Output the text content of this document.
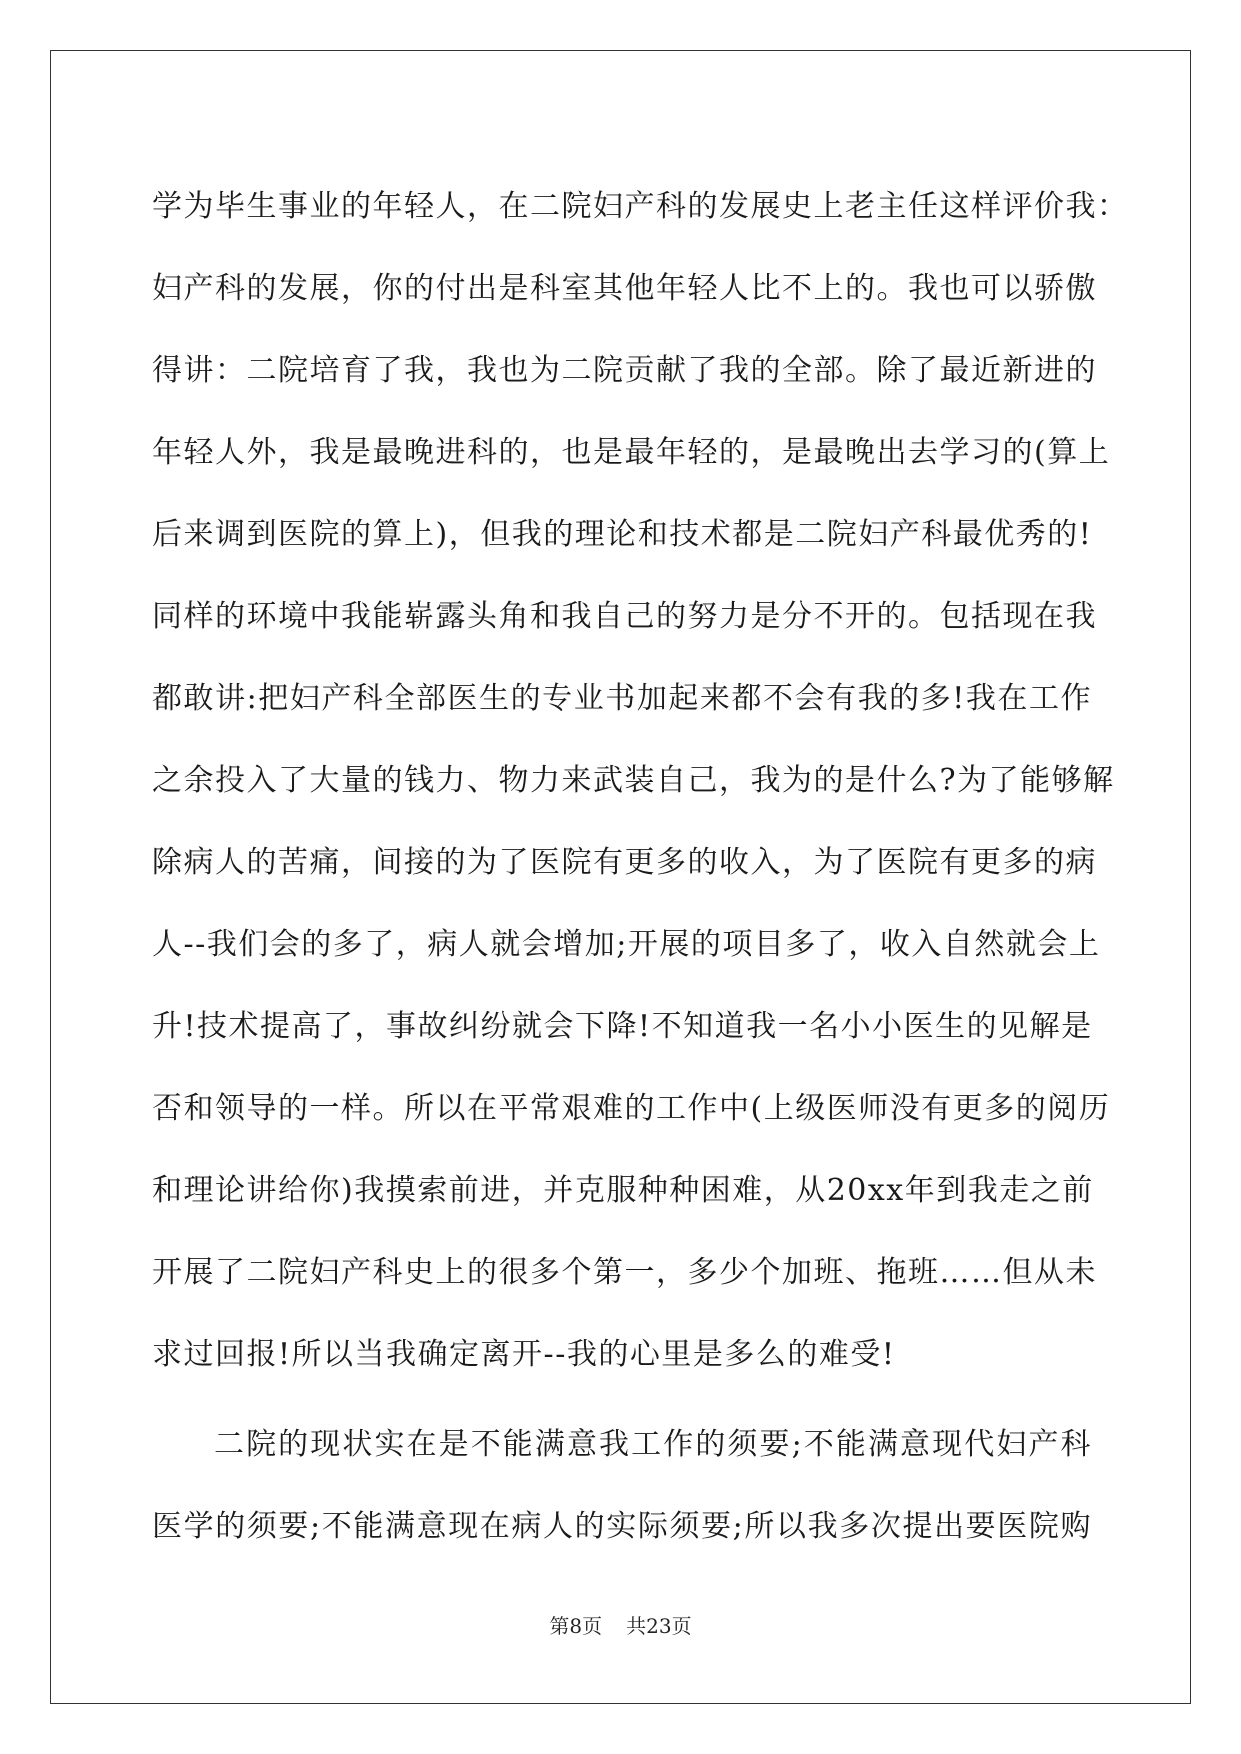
学为毕生事业的年轻人，在二院妇产科的发展史上老主任这样评价我：
妇产科的发展，你的付出是科室其他年轻人比不上的。我也可以骄傲
得讲：二院培育了我，我也为二院贡献了我的全部。除了最近新进的
年轻人外，我是最晚进科的，也是最年轻的，是最晚出去学习的(算上
后来调到医院的算上)，但我的理论和技术都是二院妇产科最优秀的!
同样的环境中我能崭露头角和我自己的努力是分不开的。包括现在我
都敢讲:把妇产科全部医生的专业书加起来都不会有我的多!我在工作
之余投入了大量的钱力、物力来武装自己，我为的是什么?为了能够解
除病人的苦痛，间接的为了医院有更多的收入，为了医院有更多的病
人--我们会的多了，病人就会增加;开展的项目多了，收入自然就会上
升!技术提高了，事故纠纷就会下降!不知道我一名小小医生的见解是
否和领导的一样。所以在平常艰难的工作中(上级医师没有更多的阅历
和理论讲给你)我摸索前进，并克服种种困难，从20xx年到我走之前
开展了二院妇产科史上的很多个第一，多少个加班、拖班……但从未
求过回报!所以当我确定离开--我的心里是多么的难受!
二院的现状实在是不能满意我工作的须要;不能满意现代妇产科
医学的须要;不能满意现在病人的实际须要;所以我多次提出要医院购
第8页 共23页
